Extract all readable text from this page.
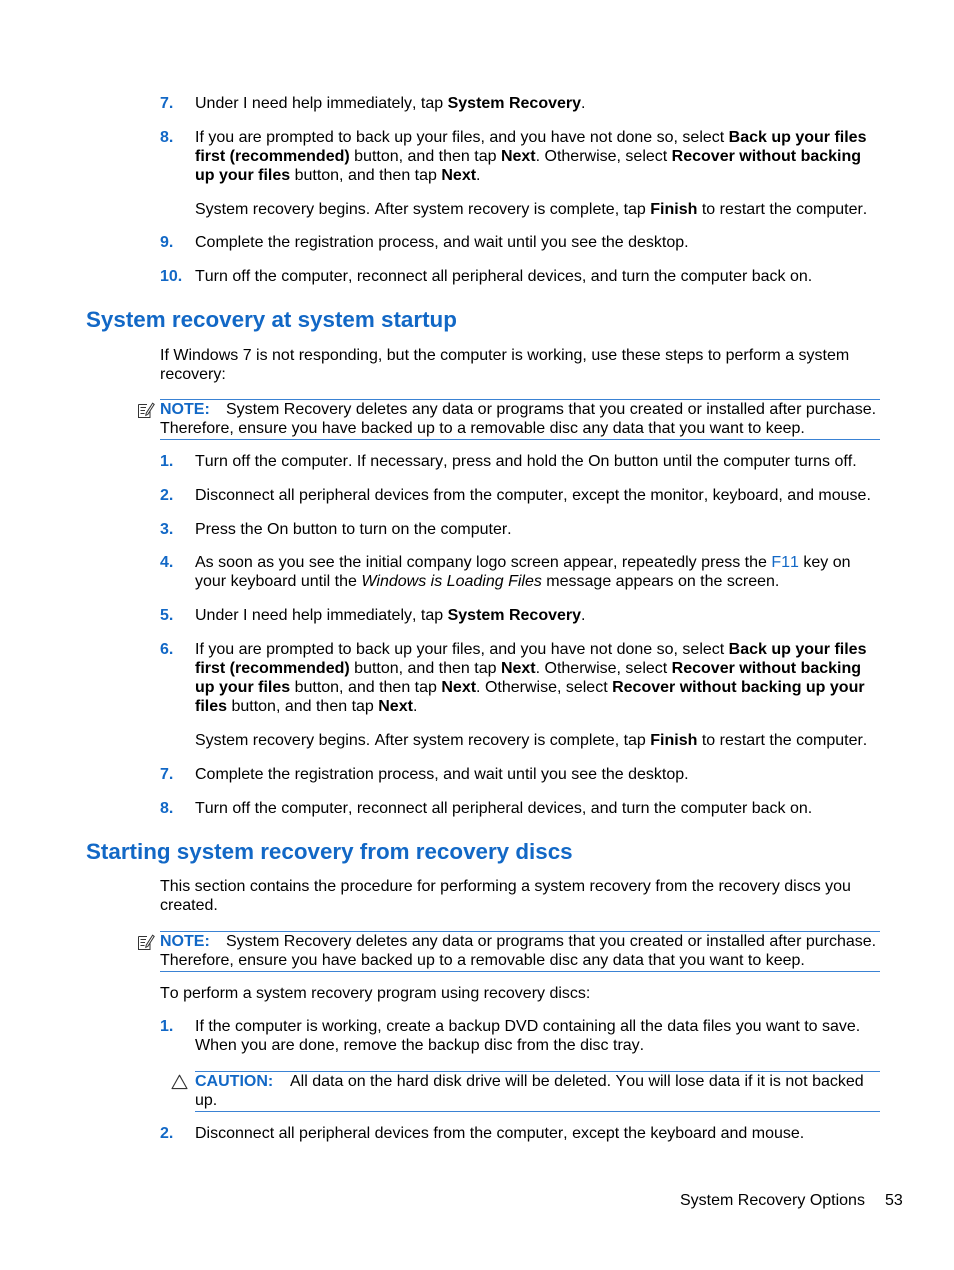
7. Under I need help immediately, tap System Recovery.
8. If you are prompted to back up your files, and you have not done so, select Back up your files first (recommended) button, and then tap Next. Otherwise, select Recover without backing up your files button, and then tap Next.
System recovery begins. After system recovery is complete, tap Finish to restart the computer.
9. Complete the registration process, and wait until you see the desktop.
10. Turn off the computer, reconnect all peripheral devices, and turn the computer back on.
System recovery at system startup
If Windows 7 is not responding, but the computer is working, use these steps to perform a system recovery:
NOTE: System Recovery deletes any data or programs that you created or installed after purchase.
Therefore, ensure you have backed up to a removable disc any data that you want to keep.
1. Turn off the computer. If necessary, press and hold the On button until the computer turns off.
2. Disconnect all peripheral devices from the computer, except the monitor, keyboard, and mouse.
3. Press the On button to turn on the computer.
4. As soon as you see the initial company logo screen appear, repeatedly press the F11 key on your keyboard until the Windows is Loading Files message appears on the screen.
5. Under I need help immediately, tap System Recovery.
6. If you are prompted to back up your files, and you have not done so, select Back up your files first (recommended) button, and then tap Next. Otherwise, select Recover without backing up your files button, and then tap Next. Otherwise, select Recover without backing up your files button, and then tap Next.
System recovery begins. After system recovery is complete, tap Finish to restart the computer.
7. Complete the registration process, and wait until you see the desktop.
8. Turn off the computer, reconnect all peripheral devices, and turn the computer back on.
Starting system recovery from recovery discs
This section contains the procedure for performing a system recovery from the recovery discs you created.
NOTE: System Recovery deletes any data or programs that you created or installed after purchase.
Therefore, ensure you have backed up to a removable disc any data that you want to keep.
To perform a system recovery program using recovery discs:
1. If the computer is working, create a backup DVD containing all the data files you want to save. When you are done, remove the backup disc from the disc tray.
CAUTION: All data on the hard disk drive will be deleted. You will lose data if it is not backed up.
2. Disconnect all peripheral devices from the computer, except the keyboard and mouse.
System Recovery Options 53
